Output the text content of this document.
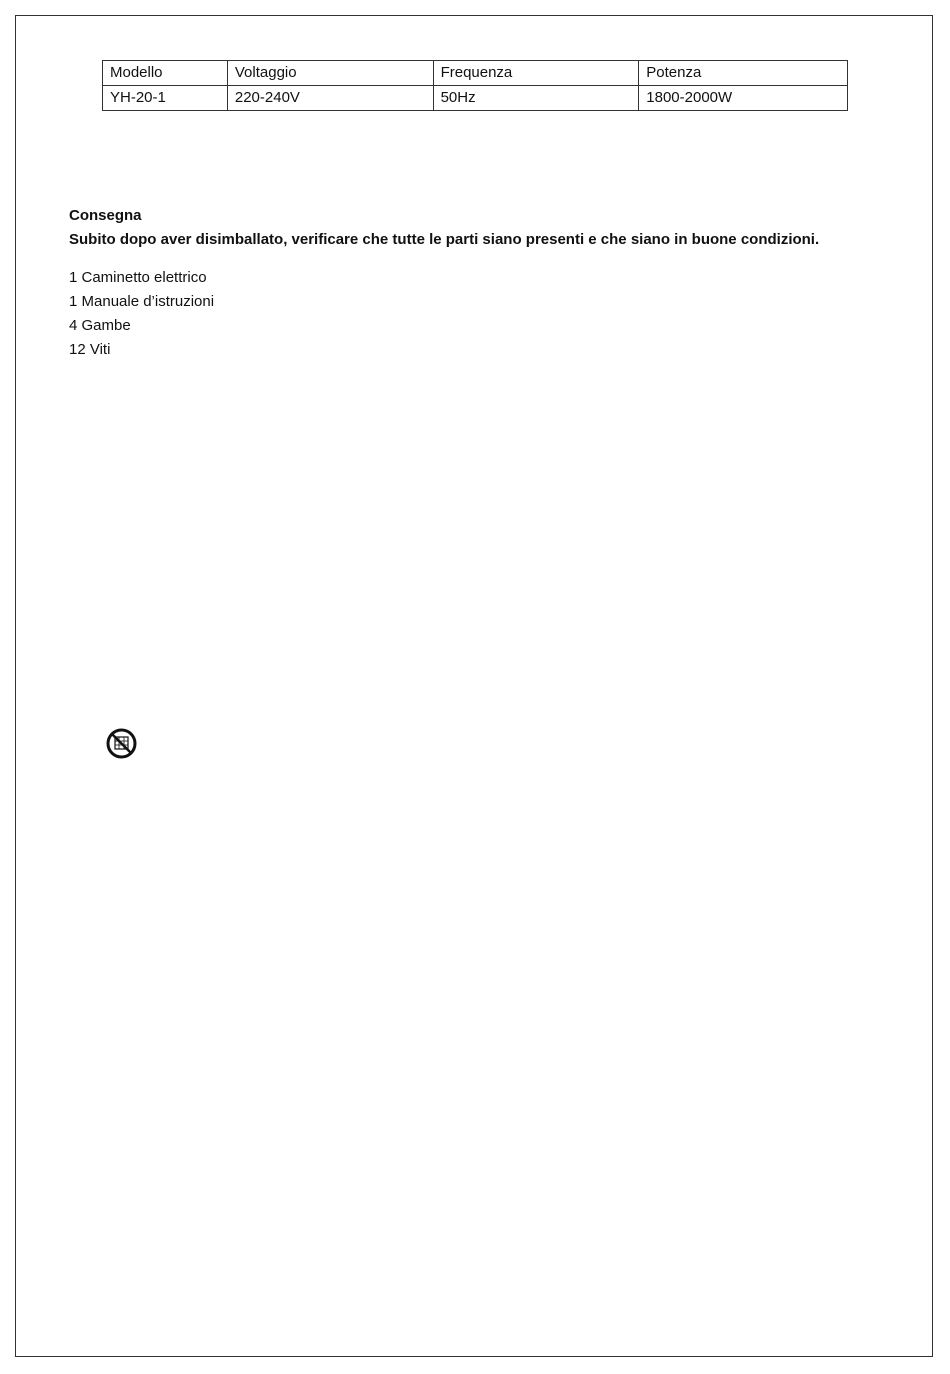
Modello	Voltaggio	Frequenza	Potenza
YH-20-1	220-240V	50Hz	1800-2000W
Consegna
Subito dopo aver disimballato, verificare che tutte le parti siano presenti e che siano in buone condizioni.
1 Caminetto elettrico
1 Manuale d’istruzioni
4 Gambe
12 Viti
